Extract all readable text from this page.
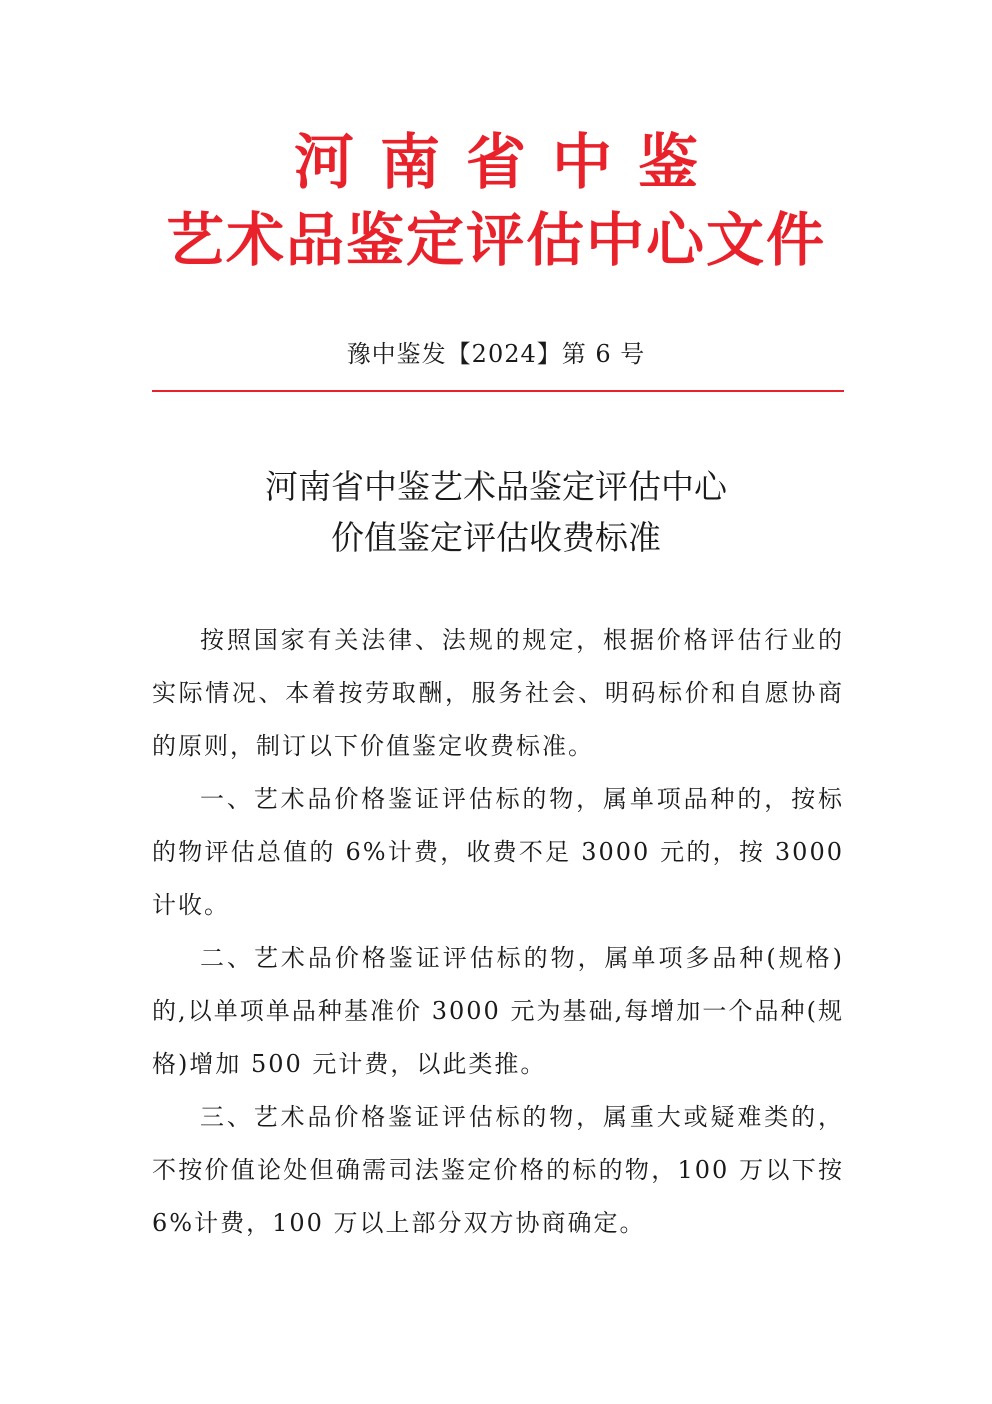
河南省中鉴
艺术品鉴定评估中心文件
豫中鉴发【2024】第 6 号
河南省中鉴艺术品鉴定评估中心
价值鉴定评估收费标准

按照国家有关法律、法规的规定，根据价格评估行业的实际情况、本着按劳取酬，服务社会、明码标价和自愿协商的原则，制订以下价值鉴定收费标准。

一、艺术品价格鉴证评估标的物，属单项品种的，按标的物评估总值的 6%计费，收费不足 3000 元的，按 3000 计收。

二、艺术品价格鉴证评估标的物，属单项多品种(规格)的,以单项单品种基准价 3000 元为基础,每增加一个品种(规格)增加 500 元计费，以此类推。

三、艺术品价格鉴证评估标的物，属重大或疑难类的，不按价值论处但确需司法鉴定价格的标的物，100 万以下按 6%计费，100 万以上部分双方协商确定。
